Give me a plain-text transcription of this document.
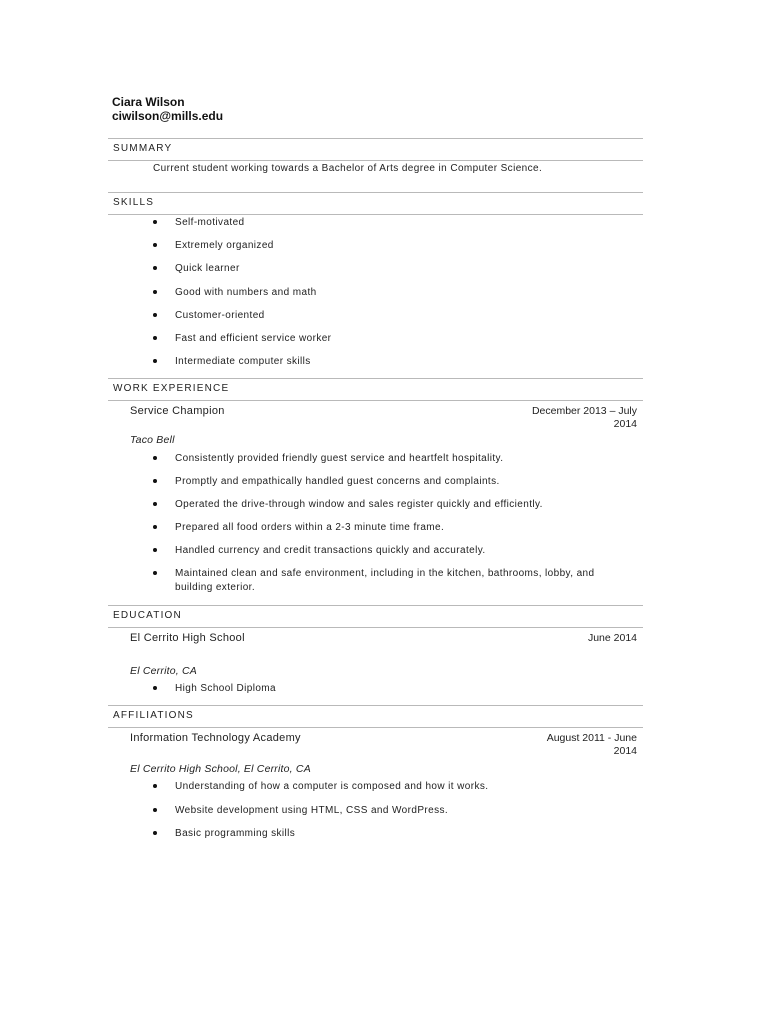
Ciara Wilson
ciwilson@mills.edu
SUMMARY
Current student working towards a Bachelor of Arts degree in Computer Science.
SKILLS
Self-motivated
Extremely organized
Quick learner
Good with numbers and math
Customer-oriented
Fast and efficient service worker
Intermediate computer skills
WORK EXPERIENCE
Service Champion	December 2013 – July
2014
Taco Bell
Consistently provided friendly guest service and heartfelt hospitality.
Promptly and empathically handled guest concerns and complaints.
Operated the drive-through window and sales register quickly and efficiently.
Prepared all food orders within a 2-3 minute time frame.
Handled currency and credit transactions quickly and accurately.
Maintained clean and safe environment, including in the kitchen, bathrooms, lobby, and building exterior.
EDUCATION
El Cerrito High School	June 2014
El Cerrito, CA
High School Diploma
AFFILIATIONS
Information Technology Academy	August 2011 - June
2014
El Cerrito High School, El Cerrito, CA
Understanding of how a computer is composed and how it works.
Website development using HTML, CSS and WordPress.
Basic programming skills
